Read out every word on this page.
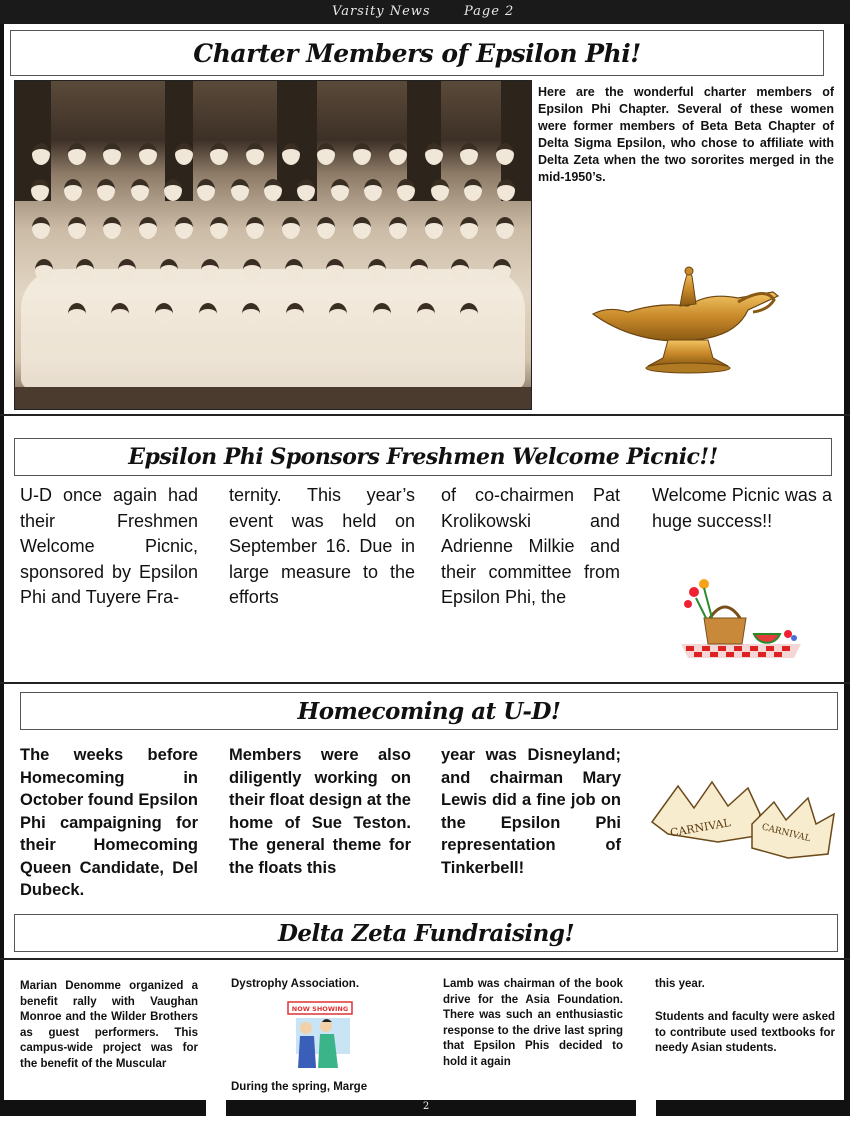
Varsity News	Page 2
Charter Members of Epsilon Phi!
Here are the wonderful charter members of Epsilon Phi Chapter. Several of these women were former members of Beta Beta Chapter of Delta Sigma Epsilon, who chose to affiliate with Delta Zeta when the two sororites merged in the mid-1950’s.
Epsilon Phi Sponsors Freshmen Welcome Picnic!!
U-D once again had their Freshmen Welcome Picnic, sponsored by Epsilon Phi and Tuyere Fra-
ternity. This year’s event was held on September 16. Due in large measure to the efforts
of co-chairmen Pat Krolikowski and Adrienne Milkie and their committee from Epsilon Phi, the
Welcome Picnic was a huge success!!
Homecoming at U-D!
The weeks before Homecoming in October found Epsilon Phi campaigning for their Homecoming Queen Candidate, Del Dubeck.
Members were also diligently working on their float design at the home of Sue Teston. The general theme for the floats this
year was Disneyland; and chairman Mary Lewis did a fine job on the Epsilon Phi representation of Tinkerbell!
CARNIVAL	CARNIVAL
Delta Zeta Fundraising!
Marian Denomme organized a benefit rally with Vaughan Monroe and the Wilder Brothers as guest performers. This campus-wide project was for the benefit of the Muscular
Dystrophy Association.
NOW SHOWING
During the spring, Marge
Lamb was chairman of the book drive for the Asia Foundation. There was such an enthusiastic response to the drive last spring that Epsilon Phis decided to hold it again
this year.
Students and faculty were asked to contribute used textbooks for needy Asian students.
2
